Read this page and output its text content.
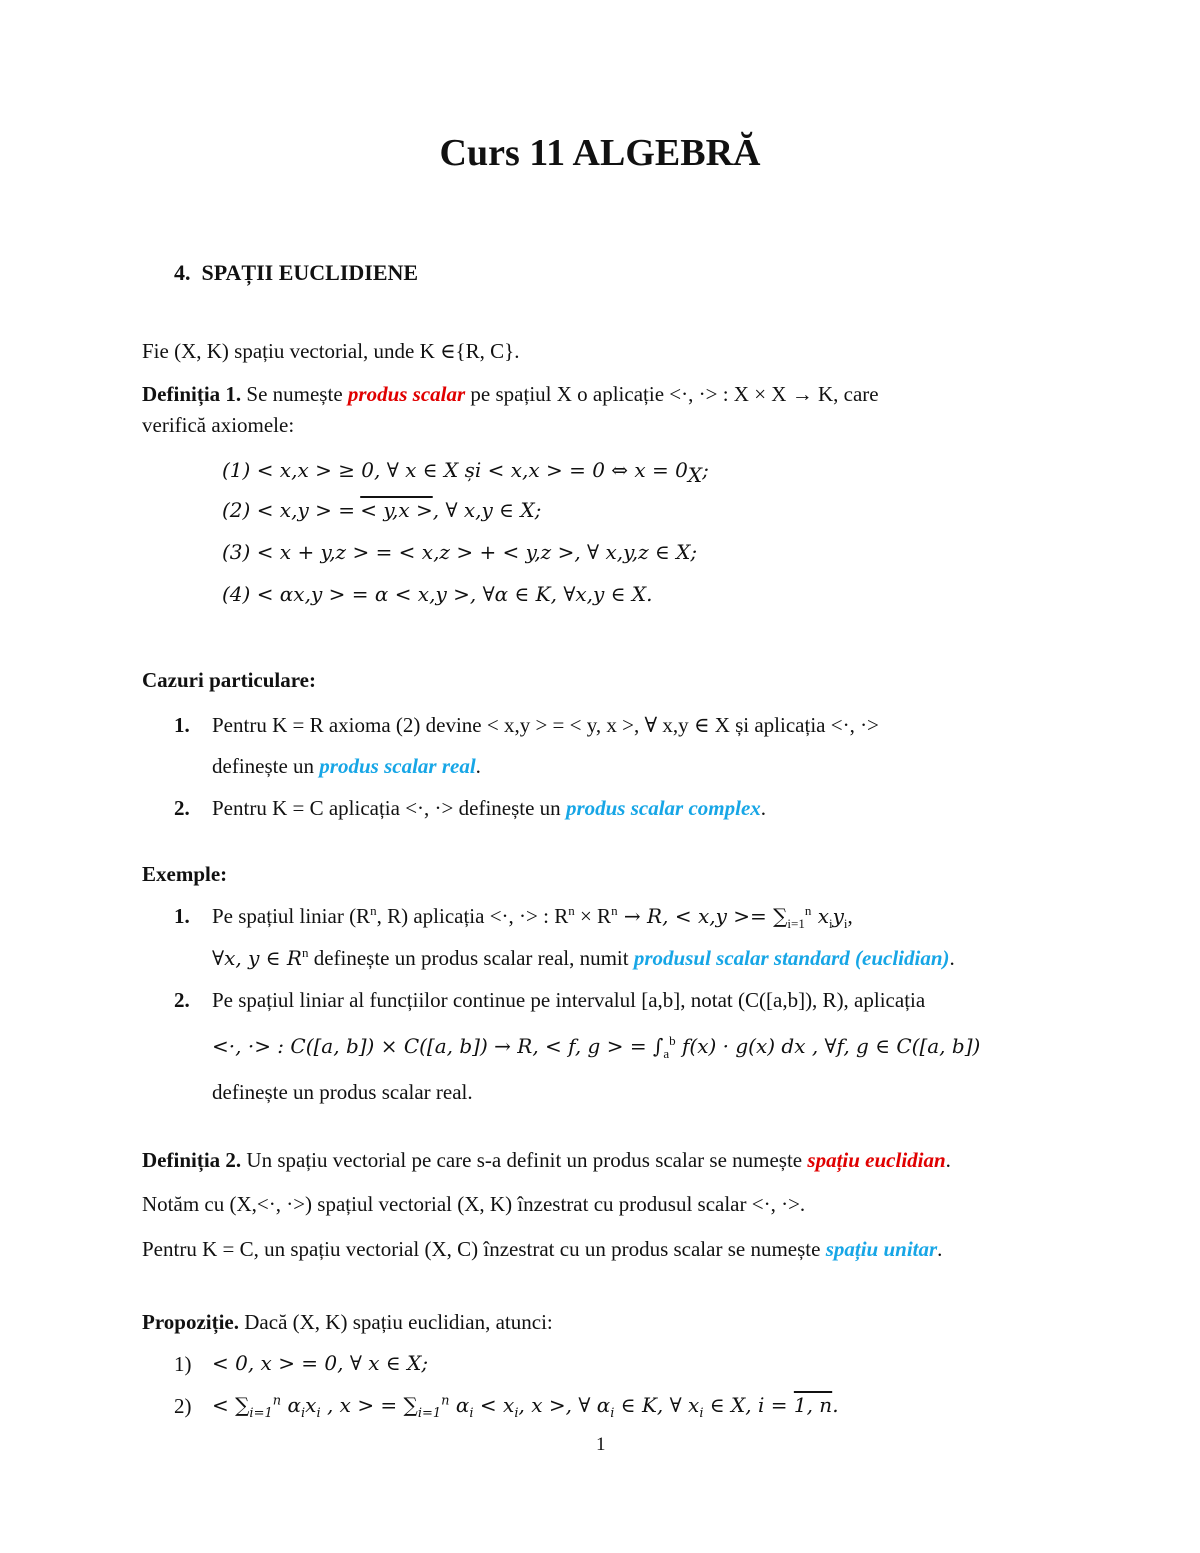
Curs 11 ALGEBRĂ
4. SPAȚII EUCLIDIENE
Fie (X, K) spațiu vectorial, unde K ∈{R, C}.
Definiția 1. Se numește produs scalar pe spațiul X o aplicație <·, ·> : X × X → K, care
verifică axiomele:
(1) < x,x > ≥ 0, ∀ x ∈ X și < x,x > = 0 ⇔ $x = 0_X$;
(2) < x,y > = < y,x >, ∀ x,y ∈ X;
(3) < x + y,z > = < x,z > + < y,z >, ∀ x,y,z ∈ X;
(4) < αx,y > = α < x,y >, ∀α ∈ K, ∀x,y ∈ X.
Cazuri particulare:
1. Pentru K = R axioma (2) devine < x,y > = < y, x >, ∀ x,y ∈ X și aplicația <·, ·>
definește un produs scalar real.
2. Pentru K = C aplicația <·, ·> definește un produs scalar complex.
Exemple:
1. Pe spațiul liniar ($R^n$, R) aplicația <·, ·> : $R^n \times R^n \to R$, < $x,y >= \sum_{i=1}^n$ $x_iy_i$,
∀x, y ∈ $R^n$ definește un produs scalar real, numit produsul scalar standard (euclidian).
2. Pe spațiul liniar al funcțiilor continue pe intervalul [a,b], notat (C([a,b]), R), aplicația
<·, ·> : C([a, b]) × C([a, b]) → R, < f, g > = $\int_a^b$ f(x) · g(x) dx , ∀f, g ∈ C([a, b])
definește un produs scalar real.
Definiția 2. Un spațiu vectorial pe care s-a definit un produs scalar se numește spațiu euclidian.
Notăm cu (X,<·, ·>) spațiul vectorial (X, K) înzestrat cu produsul scalar <·, ·>.
Pentru K = C, un spațiu vectorial (X, C) înzestrat cu un produs scalar se numește spațiu unitar.
Propoziție. Dacă (X, K) spațiu euclidian, atunci:
1) < 0, x > = 0, ∀ x ∈ X;
$2) < \sum_{i=1}^n$ $\alpha_ix_i$ , x > = $\sum_{i=1}^n$ $\alpha_i < x_i$, x >, ∀ $\alpha_i$ ∈ K, ∀ $x_i$ ∈ X, i = 1, n.
1
